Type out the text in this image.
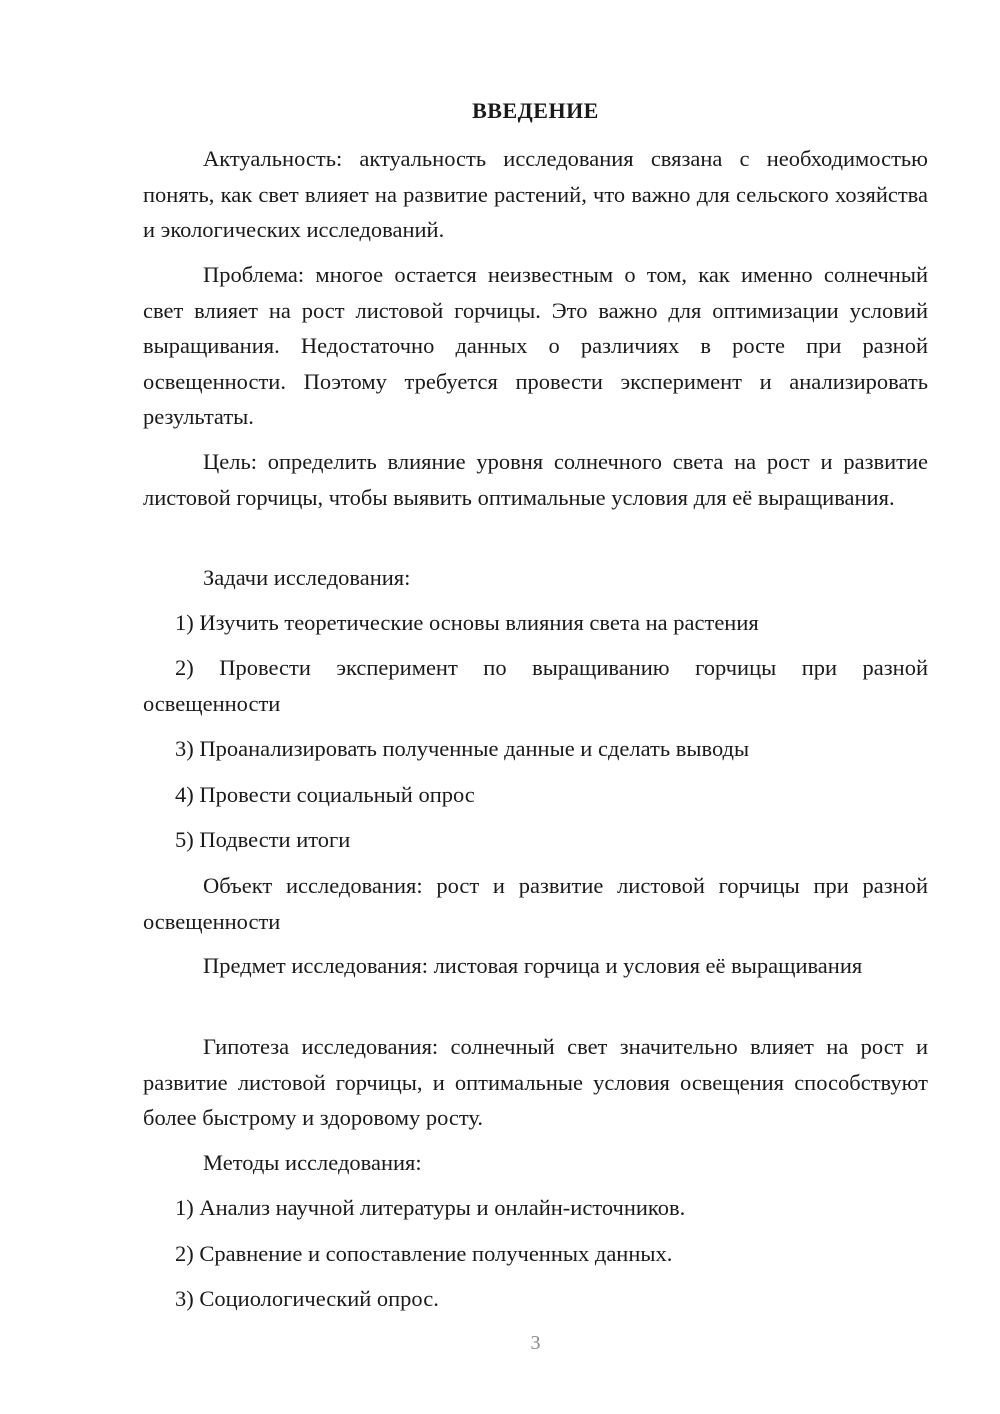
ВВЕДЕНИЕ

Актуальность: актуальность исследования связана с необходимостью понять, как свет влияет на развитие растений, что важно для сельского хозяйства и экологических исследований.

Проблема: многое остается неизвестным о том, как именно солнечный свет влияет на рост листовой горчицы. Это важно для оптимизации условий выращивания. Недостаточно данных о различиях в росте при разной освещенности. Поэтому требуется провести эксперимент и анализировать результаты.

Цель: определить влияние уровня солнечного света на рост и развитие листовой горчицы, чтобы выявить оптимальные условия для её выращивания.

Задачи исследования:

1) Изучить теоретические основы влияния света на растения

2) Провести эксперимент по выращиванию горчицы при разной освещенности

3) Проанализировать полученные данные и сделать выводы

4) Провести социальный опрос

5) Подвести итоги

Объект исследования: рост и развитие листовой горчицы при разной освещенности

Предмет исследования: листовая горчица и условия её выращивания

Гипотеза исследования: солнечный свет значительно влияет на рост и развитие листовой горчицы, и оптимальные условия освещения способствуют более быстрому и здоровому росту.

Методы исследования:

1) Анализ научной литературы и онлайн-источников.

2) Сравнение и сопоставление полученных данных.

3) Социологический опрос.

3
